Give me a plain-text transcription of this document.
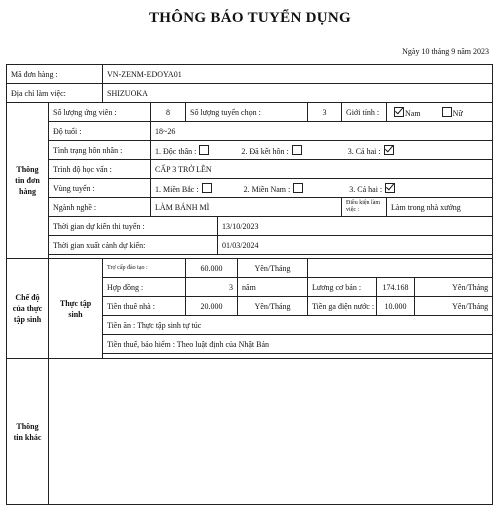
THÔNG BÁO TUYỂN DỤNG
Ngày 10 tháng 9 năm 2023
Mã đơn hàng :		VN-ZENM-EDOYA01									
Địa chỉ làm việc:		SHIZUOKA									
Thông tin đơn hàng	Số lượng ứng viên :		8	Số lượng tuyển chọn :			3	Giới tính :		Nam Nữ	
	Độ tuổi :		18~26								
	Tình trạng hôn nhân :		1. Độc thân : 2. Đã kết hôn : 3. Cả hai :								
	Trình độ học vấn :		CẤP 3 TRỞ LÊN								
	Vùng tuyển :		1. Miền Bắc : 2. Miền Nam : 3. Cả hai :								
	Ngành nghề :		LÀM BÁNH MÌ					Điều kiện làm việc :		Làm trong nhà xưởng	
	Thời gian dự kiến thi tuyển :				13/10/2023						
	Thời gian xuất cảnh dự kiến:				01/03/2024						

Chế độ của thực tập sinh	Thực tập sinh	Trợ cấp đào tạo :		60.000		Yên/Tháng					
		Hợp đồng :		3		năm	Lương cơ bản :		174.168		Yên/Tháng
		Tiền thuê nhà :		20.000		Yên/Tháng	Tiền ga điện nước :		10.000		Yên/Tháng
		Tiền ăn : Thực tập sinh tự túc									
		Tiền thuế, bảo hiểm : Theo luật định của Nhật Bản									

Thông tin khác											
